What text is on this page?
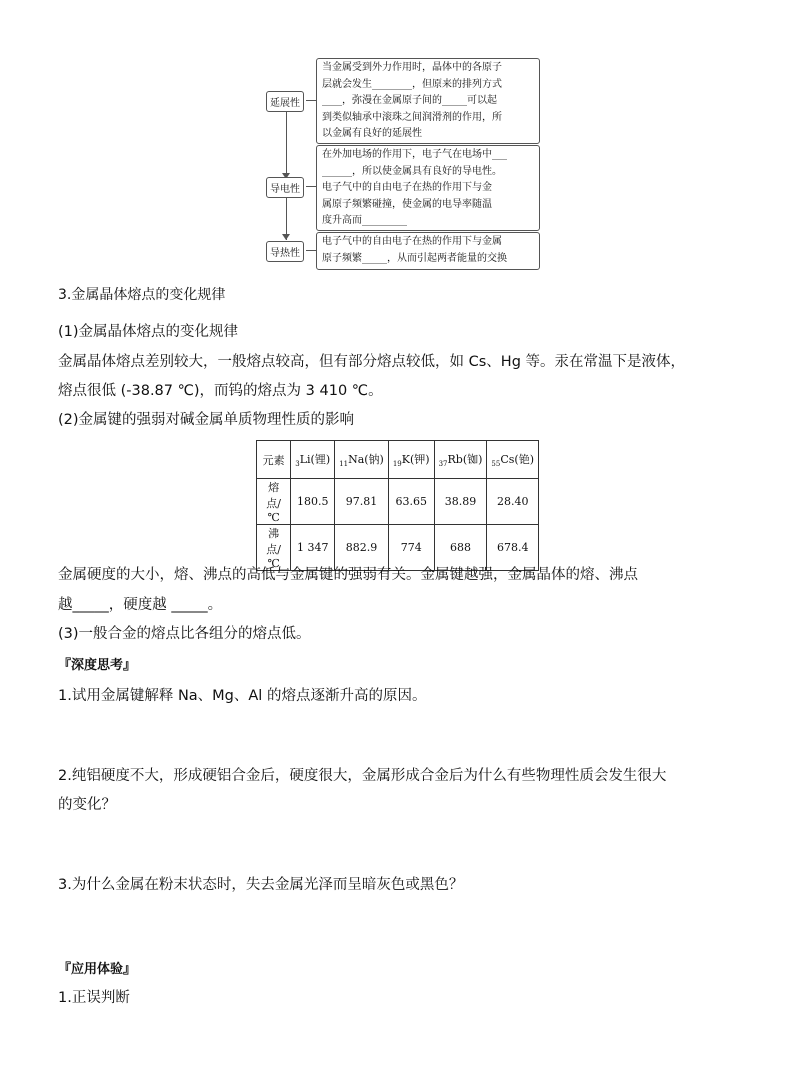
延展性
当金属受到外力作用时，晶体中的各原子
层就会发生________，但原来的排列方式
____，弥漫在金属原子间的_____可以起
到类似轴承中滚珠之间润滑剂的作用，所
以金属有良好的延展性
导电性
在外加电场的作用下，电子气在电场中___
______，所以使金属具有良好的导电性。
电子气中的自由电子在热的作用下与金
属原子频繁碰撞，使金属的电导率随温
度升高而_________
导热性
电子气中的自由电子在热的作用下与金属
原子频繁_____，从而引起两者能量的交换
3.金属晶体熔点的变化规律
(1)金属晶体熔点的变化规律
金属晶体熔点差别较大，一般熔点较高，但有部分熔点较低，如 Cs、Hg 等。汞在常温下是液体，
熔点很低 (-38.87 ℃)，而钨的熔点为 3 410 ℃。
(2)金属键的强弱对碱金属单质物理性质的影响
元素	$_3$Li(锂)	$_{11}$Na(钠)	$_{19}$K(钾)	$_{37}$Rb(铷)	$_{55}$Cs(铯)
熔点/℃	180.5	97.81	63.65	38.89	28.40
沸点/℃	1 347	882.9	774	688	678.4
金属硬度的大小，熔、沸点的高低与金属键的强弱有关。金属键越强，金属晶体的熔、沸点
越_____，硬度越 _____。
(3)一般合金的熔点比各组分的熔点低。
『深度思考』
1.试用金属键解释 Na、Mg、Al 的熔点逐渐升高的原因。
2.纯铝硬度不大，形成硬铝合金后，硬度很大，金属形成合金后为什么有些物理性质会发生很大
的变化？
3.为什么金属在粉末状态时，失去金属光泽而呈暗灰色或黑色？
『应用体验』
1.正误判断
